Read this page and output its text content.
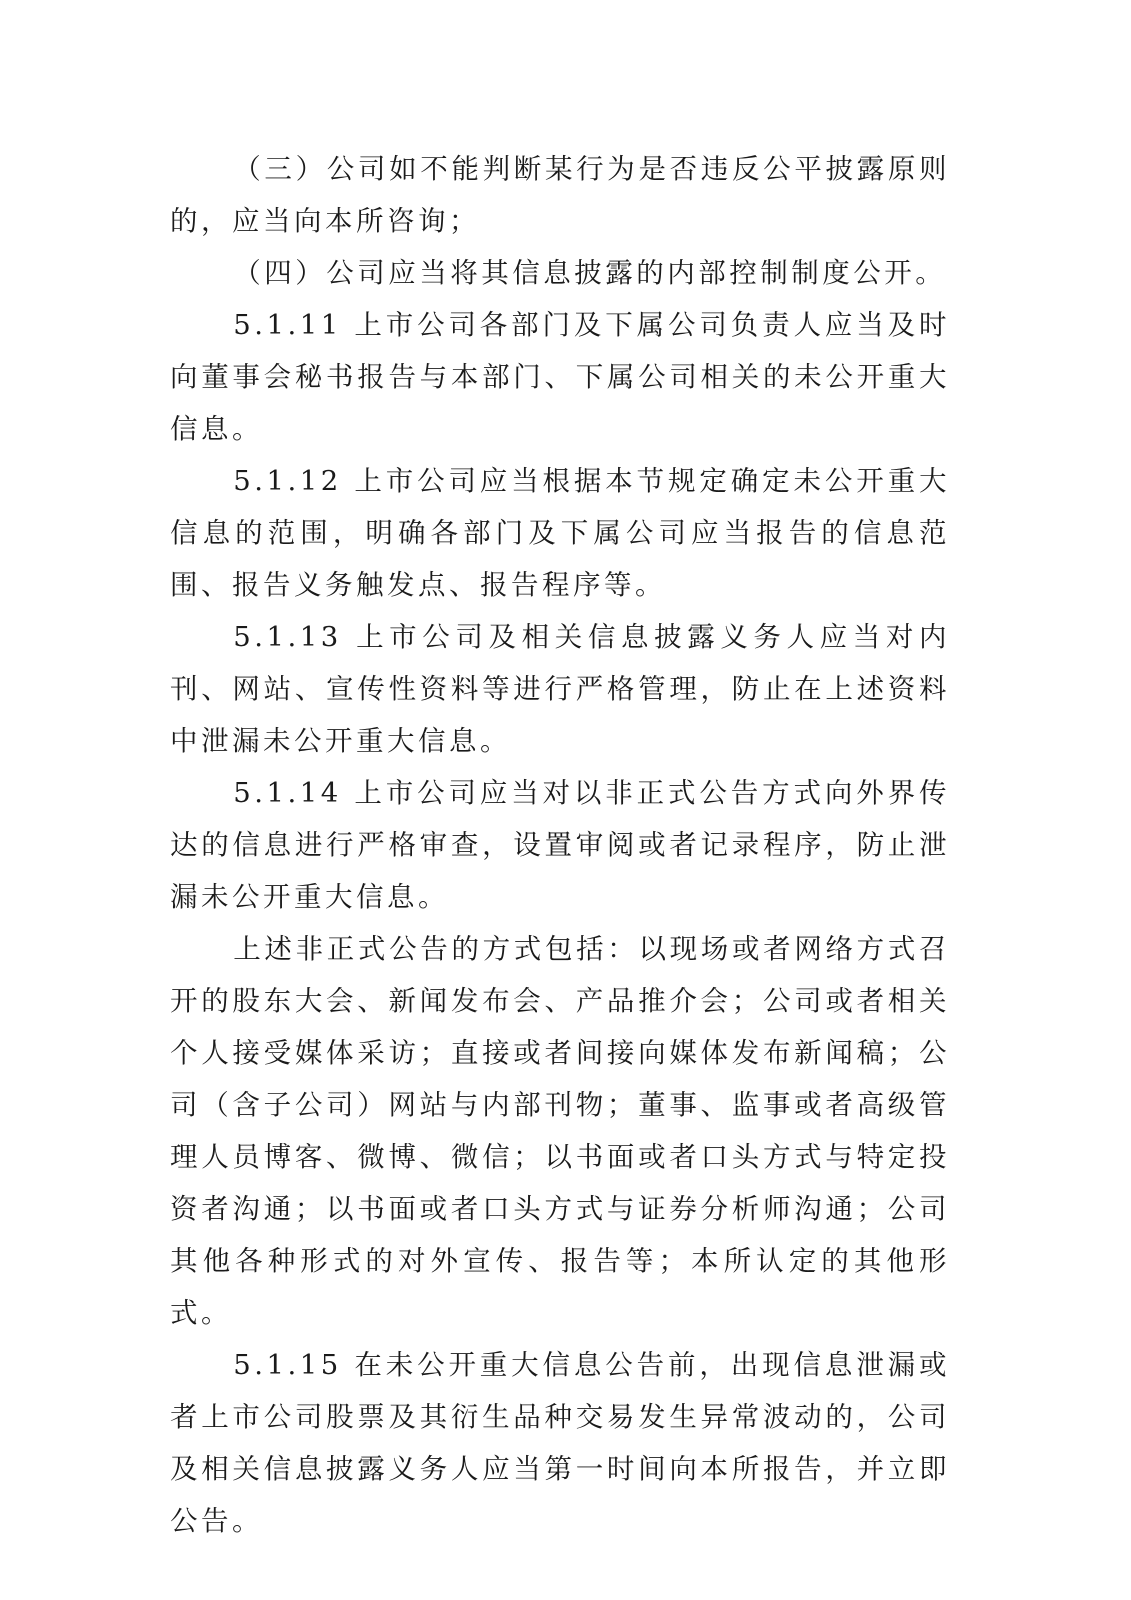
（三）公司如不能判断某行为是否违反公平披露原则的，应当向本所咨询；

（四）公司应当将其信息披露的内部控制制度公开。

5.1.11 上市公司各部门及下属公司负责人应当及时向董事会秘书报告与本部门、下属公司相关的未公开重大信息。

5.1.12 上市公司应当根据本节规定确定未公开重大信息的范围，明确各部门及下属公司应当报告的信息范围、报告义务触发点、报告程序等。

5.1.13 上市公司及相关信息披露义务人应当对内刊、网站、宣传性资料等进行严格管理，防止在上述资料中泄漏未公开重大信息。

5.1.14 上市公司应当对以非正式公告方式向外界传达的信息进行严格审查，设置审阅或者记录程序，防止泄漏未公开重大信息。

上述非正式公告的方式包括：以现场或者网络方式召开的股东大会、新闻发布会、产品推介会；公司或者相关个人接受媒体采访；直接或者间接向媒体发布新闻稿；公司（含子公司）网站与内部刊物；董事、监事或者高级管理人员博客、微博、微信；以书面或者口头方式与特定投资者沟通；以书面或者口头方式与证券分析师沟通；公司其他各种形式的对外宣传、报告等；本所认定的其他形式。

5.1.15 在未公开重大信息公告前，出现信息泄漏或者上市公司股票及其衍生品种交易发生异常波动的，公司及相关信息披露义务人应当第一时间向本所报告，并立即公告。
